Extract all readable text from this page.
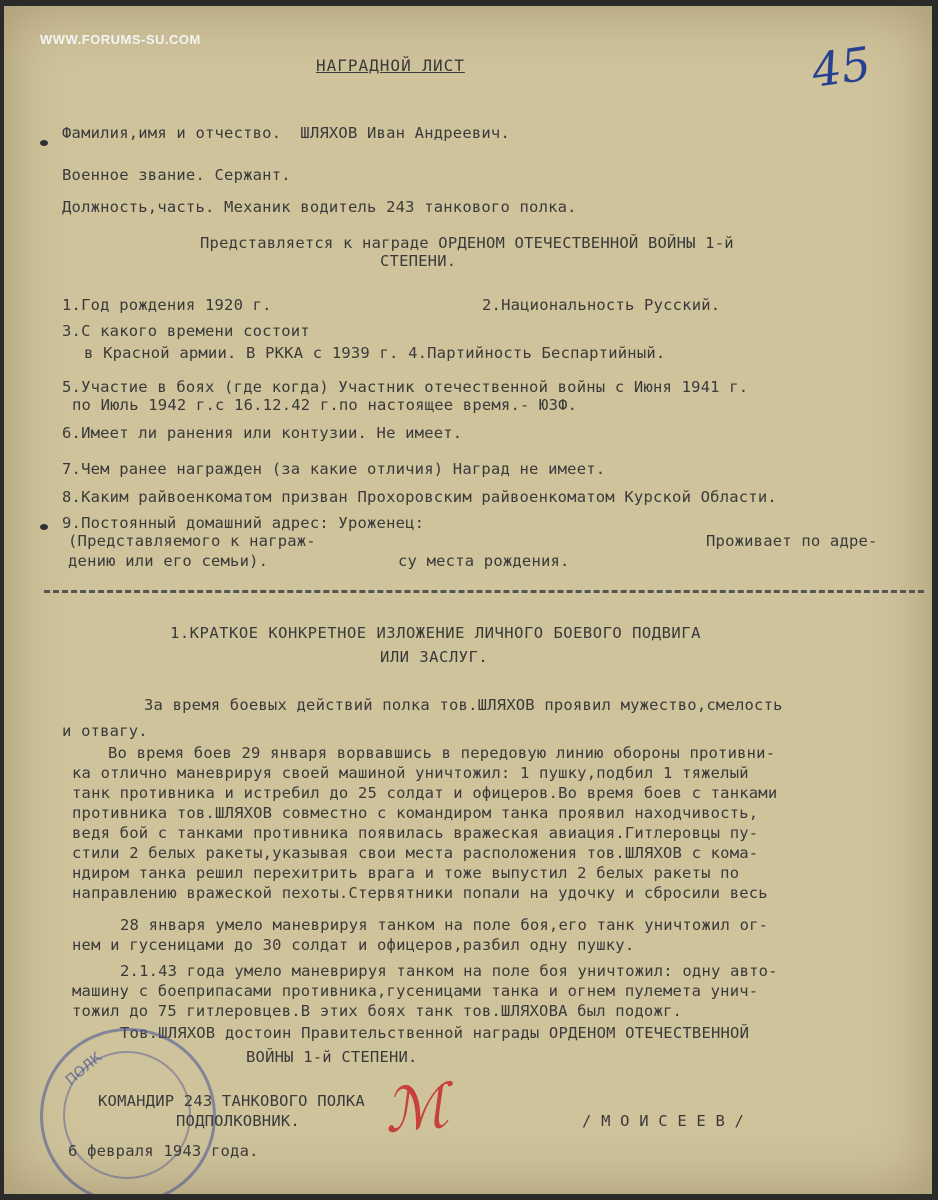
WWW.FORUMS-SU.COM	45
НАГРАДНОЙ ЛИСТ
Фамилия,имя и отчество.  ШЛЯХОВ Иван Андреевич.
Военное звание. Сержант.
Должность,часть. Механик водитель 243 танкового полка.
Представляется к награде ОРДЕНОМ ОТЕЧЕСТВЕННОЙ ВОЙНЫ 1-й
СТЕПЕНИ.
1.Год рождения 1920 г.	2.Национальность Русский.
3.С какого времени состоит
в Красной армии. В РККА с 1939 г. 4.Партийность Беспартийный.
5.Участие в боях (где когда) Участник отечественной войны с Июня 1941 г.
по Июль 1942 г.с 16.12.42 г.по настоящее время.- ЮЗФ.
6.Имеет ли ранения или контузии. Не имеет.
7.Чем ранее награжден (за какие отличия) Наград не имеет.
8.Каким райвоенкоматом призван Прохоровским райвоенкоматом Курской Области.
9.Постоянный домашний адрес: Уроженец:
(Представляемого к награж-	Проживает по адре-
дению или его семьи).	су места рождения.
1.КРАТКОЕ КОНКРЕТНОЕ ИЗЛОЖЕНИЕ ЛИЧНОГО БОЕВОГО ПОДВИГА
ИЛИ ЗАСЛУГ.
За время боевых действий полка тов.ШЛЯХОВ проявил мужество,смелость
и отвагу.
Во время боев 29 января ворвавшись в передовую линию обороны противни-
ка отлично маневрируя своей машиной уничтожил: 1 пушку,подбил 1 тяжелый
танк противника и истребил до 25 солдат и офицеров.Во время боев с танками
противника тов.ШЛЯХОВ совместно с командиром танка проявил находчивость,
ведя бой с танками противника появилась вражеская авиация.Гитлеровцы пу-
стили 2 белых ракеты,указывая свои места расположения тов.ШЛЯХОВ с кома-
ндиром танка решил перехитрить врага и тоже выпустил 2 белых ракеты по
направлению вражеской пехоты.Стервятники попали на удочку и сбросили весь
28 января умело маневрируя танком на поле боя,его танк уничтожил ог-
нем и гусеницами до 30 солдат и офицеров,разбил одну пушку.
2.1.43 года умело маневрируя танком на поле боя уничтожил: одну авто-
машину с боеприпасами противника,гусеницами танка и огнем пулемета унич-
тожил до 75 гитлеровцев.В этих боях танк тов.ШЛЯХОВА был подожг.
Тов.ШЛЯХОВ достоин Правительственной награды ОРДЕНОМ ОТЕЧЕСТВЕННОЙ
ВОЙНЫ 1-й СТЕПЕНИ.
ПОЛК
КОМАНДИР 243 ТАНКОВОГО ПОЛКА
ПОДПОЛКОВНИК.	/ М О И С Е Е В /
6 февраля 1943 года.
ℳ
